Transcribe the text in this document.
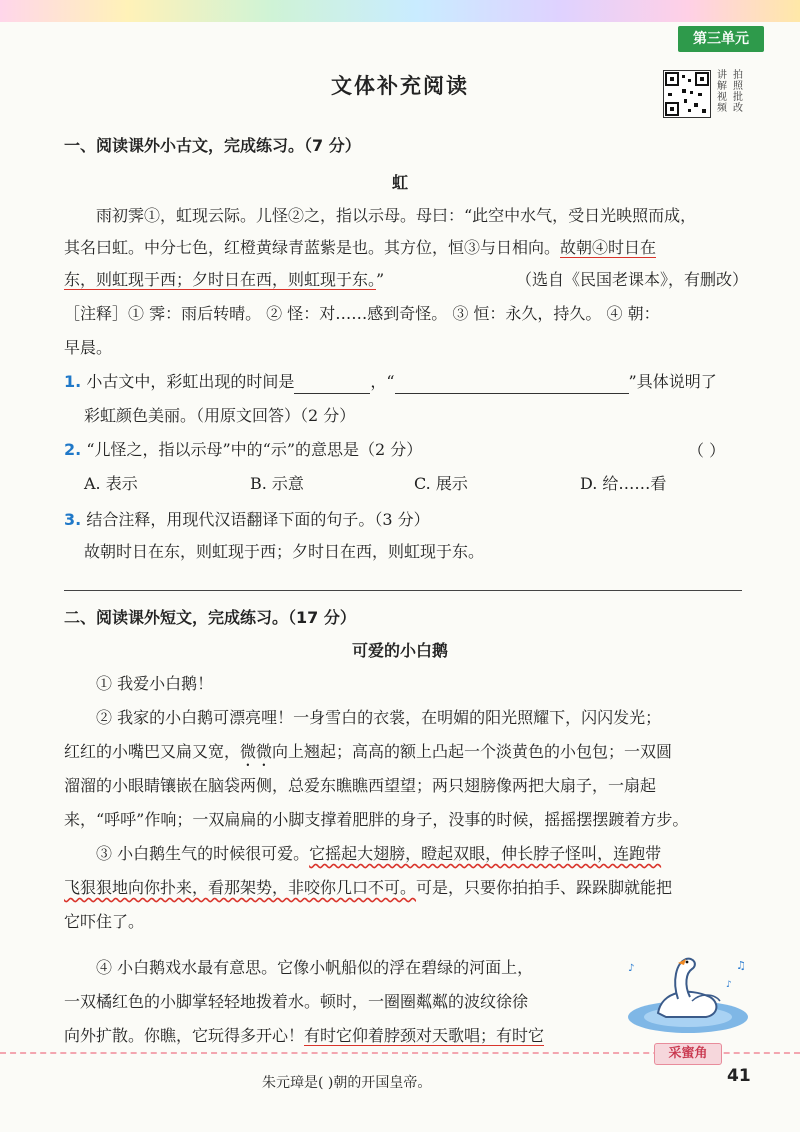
第三单元
文体补充阅读	讲 拍
解 照
视 批
频 改
一、阅读课外小古文，完成练习。（7 分）
虹
雨初霁①，虹现云际。儿怪②之，指以示母。母曰：“此空中水气，受日光映照而成，
其名曰虹。中分七色，红橙黄绿青蓝紫是也。其方位，恒③与日相向。故朝④时日在
东，则虹现于西；夕时日在西，则虹现于东。”	（选自《民国老课本》，有删改）
［注释］① 霁：雨后转晴。 ② 怪：对……感到奇怪。 ③ 恒：永久，持久。 ④ 朝：
早晨。
1. 小古文中，彩虹出现的时间是	，“	”具体说明了
彩虹颜色美丽。（用原文回答）（2 分）
2. “儿怪之，指以示母”中的“示”的意思是（2 分）	（ ）
A. 表示	B. 示意	C. 展示	D. 给……看
3. 结合注释，用现代汉语翻译下面的句子。（3 分）
故朝时日在东，则虹现于西；夕时日在西，则虹现于东。
二、阅读课外短文，完成练习。（17 分）
可爱的小白鹅
① 我爱小白鹅！
② 我家的小白鹅可漂亮哩！一身雪白的衣裳，在明媚的阳光照耀下，闪闪发光；
红红的小嘴巴又扁又宽，微微向上翘起；高高的额上凸起一个淡黄色的小包包；一双圆
溜溜的小眼睛镶嵌在脑袋两侧，总爱东瞧瞧西望望；两只翅膀像两把大扇子，一扇起
来，“呼呼”作响；一双扁扁的小脚支撑着肥胖的身子，没事的时候，摇摇摆摆踱着方步。
③ 小白鹅生气的时候很可爱。它摇起大翅膀，瞪起双眼，伸长脖子怪叫，连跑带
飞狠狠地向你扑来，看那架势，非咬你几口不可。可是，只要你拍拍手、跺跺脚就能把
它吓住了。
④ 小白鹅戏水最有意思。它像小帆船似的浮在碧绿的河面上，
一双橘红色的小脚掌轻轻地拨着水。顿时，一圈圈粼粼的波纹徐徐
向外扩散。你瞧，它玩得多开心！有时它仰着脖颈对天歌唱；有时它
♪	♫
♪
采蜜角
朱元璋是( )朝的开国皇帝。	41
